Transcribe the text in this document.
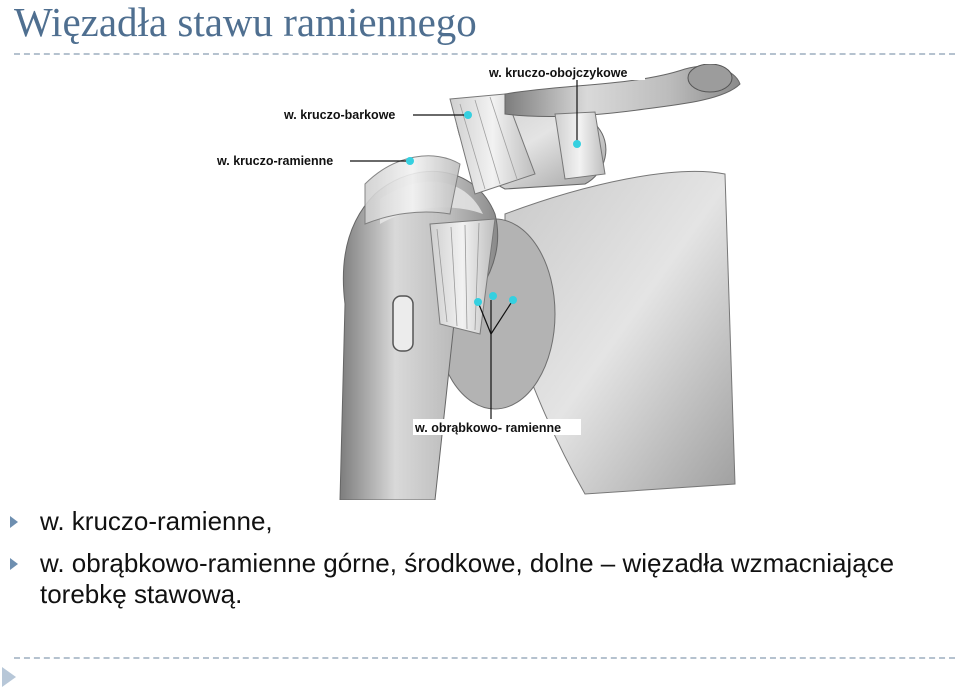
Więzadła stawu ramiennego
w. kruczo-obojczykowe
w. kruczo-barkowe
w. kruczo-ramienne
w. obrąbkowo- ramienne
w. kruczo-ramienne,
w. obrąbkowo-ramienne górne, środkowe, dolne – więzadła wzmacniające torebkę stawową.
